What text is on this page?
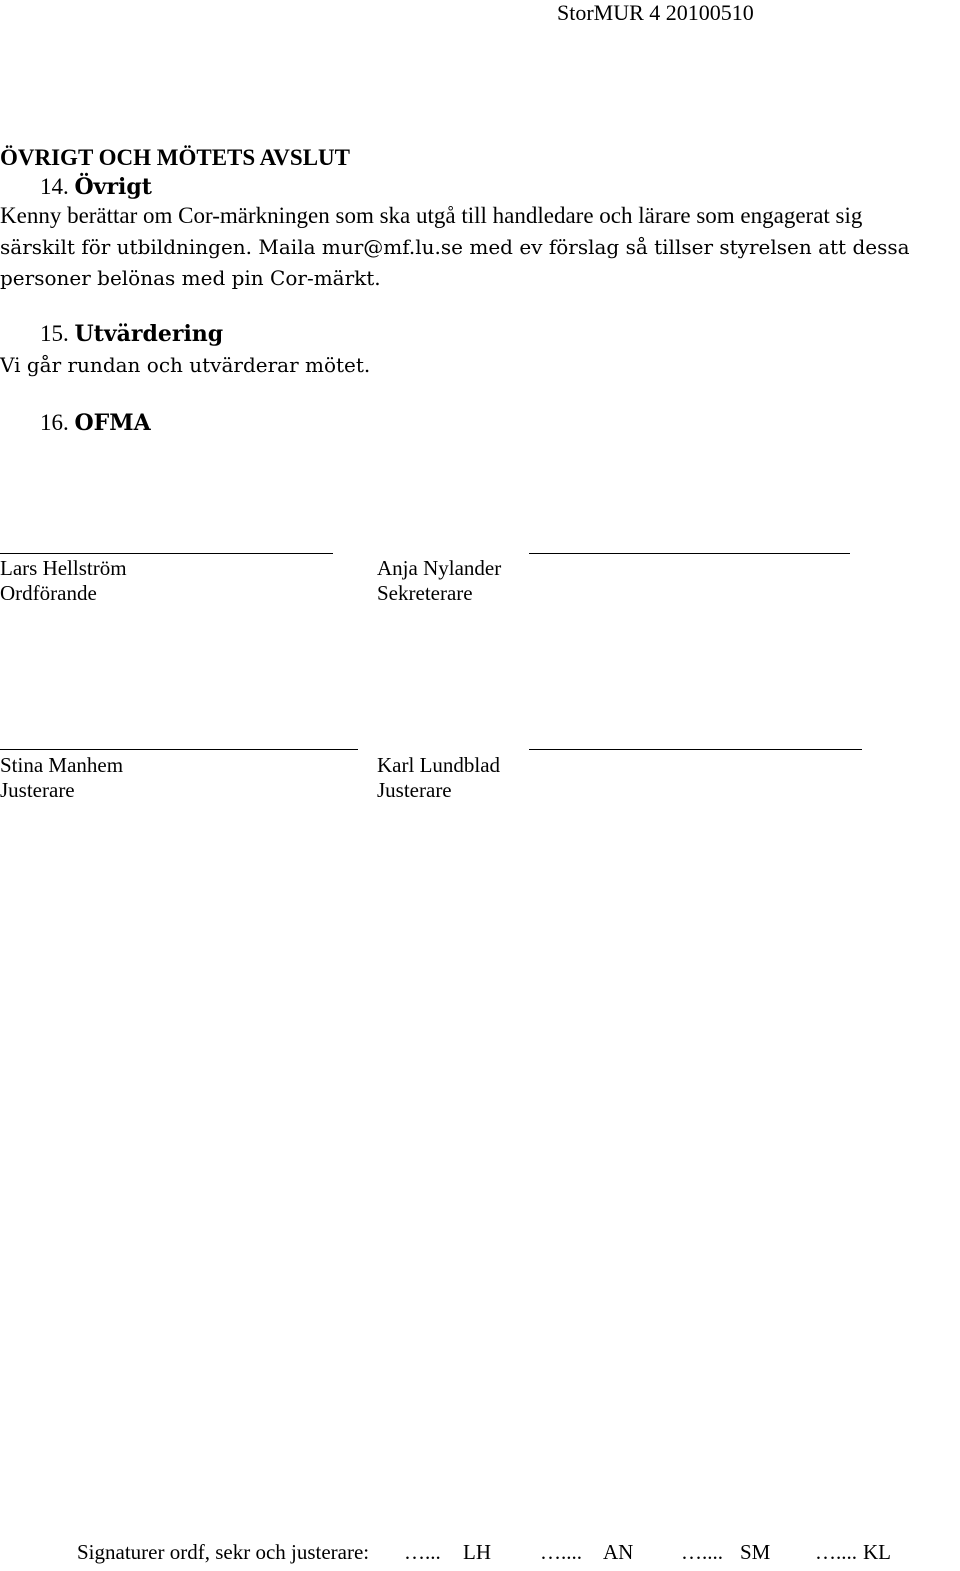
StorMUR 4 20100510
ÖVRIGT OCH MÖTETS AVSLUT
14. Övrigt
Kenny berättar om Cor-märkningen som ska utgå till handledare och lärare som engagerat sig
särskilt för utbildningen. Maila mur@mf.lu.se med ev förslag så tillser styrelsen att dessa
personer belönas med pin Cor-märkt.
15. Utvärdering
Vi går rundan och utvärderar mötet.
16. OFMA
Lars Hellström
Ordförande
Anja Nylander
Sekreterare
Stina Manhem
Justerare
Karl Lundblad
Justerare
Signaturer ordf, sekr och justerare: …... LH ….... AN ….... SM ….... KL
